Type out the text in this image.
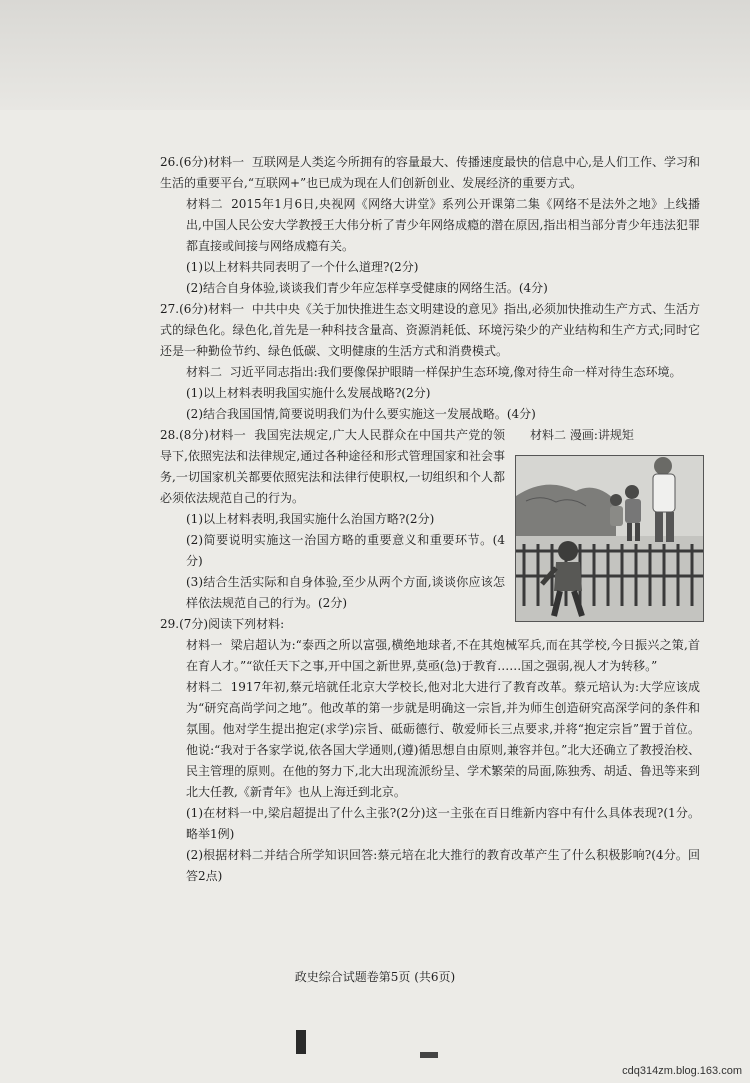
26.(6分)材料一 互联网是人类迄今所拥有的容量最大、传播速度最快的信息中心,是人们工作、学习和生活的重要平台,“互联网+”也已成为现在人们创新创业、发展经济的重要方式。

材料二 2015年1月6日,央视网《网络大讲堂》系列公开课第二集《网络不是法外之地》上线播出,中国人民公安大学教授王大伟分析了青少年网络成瘾的潜在原因,指出相当部分青少年违法犯罪都直接或间接与网络成瘾有关。

(1)以上材料共同表明了一个什么道理?(2分)

(2)结合自身体验,谈谈我们青少年应怎样享受健康的网络生活。(4分)

27.(6分)材料一 中共中央《关于加快推进生态文明建设的意见》指出,必须加快推动生产方式、生活方式的绿色化。绿色化,首先是一种科技含量高、资源消耗低、环境污染少的产业结构和生产方式;同时它还是一种勤俭节约、绿色低碳、文明健康的生活方式和消费模式。

材料二 习近平同志指出:我们要像保护眼睛一样保护生态环境,像对待生命一样对待生态环境。

(1)以上材料表明我国实施什么发展战略?(2分)

(2)结合我国国情,简要说明我们为什么要实施这一发展战略。(4分)

28.(8分)材料一 我国宪法规定,广大人民群众在中国共产党的领导下,依照宪法和法律规定,通过各种途径和形式管理国家和社会事务,一切国家机关都要依照宪法和法律行使职权,一切组织和个人都必须依法规范自己的行为。

(1)以上材料表明,我国实施什么治国方略?(2分)

(2)简要说明实施这一治国方略的重要意义和重要环节。(4分)

(3)结合生活实际和自身体验,至少从两个方面,谈谈你应该怎样依法规范自己的行为。(2分)

材料二 漫画:讲规矩

29.(7分)阅读下列材料:

材料一 梁启超认为:“泰西之所以富强,横绝地球者,不在其炮械军兵,而在其学校,今日振兴之策,首在育人才。”“欲任天下之事,开中国之新世界,莫亟(急)于教育……国之强弱,视人才为转移。”

材料二 1917年初,蔡元培就任北京大学校长,他对北大进行了教育改革。蔡元培认为:大学应该成为“研究高尚学问之地”。他改革的第一步就是明确这一宗旨,并为师生创造研究高深学问的条件和氛围。他对学生提出抱定(求学)宗旨、砥砺德行、敬爱师长三点要求,并将“抱定宗旨”置于首位。他说:“我对于各家学说,依各国大学通则,(遵)循思想自由原则,兼容并包。”北大还确立了教授治校、民主管理的原则。在他的努力下,北大出现流派纷呈、学术繁荣的局面,陈独秀、胡适、鲁迅等来到北大任教,《新青年》也从上海迁到北京。

(1)在材料一中,梁启超提出了什么主张?(2分)这一主张在百日维新内容中有什么具体表现?(1分。略举1例)

(2)根据材料二并结合所学知识回答:蔡元培在北大推行的教育改革产生了什么积极影响?(4分。回答2点)

政史综合试题卷第5页 (共6页)
cdq314zm.blog.163.com
